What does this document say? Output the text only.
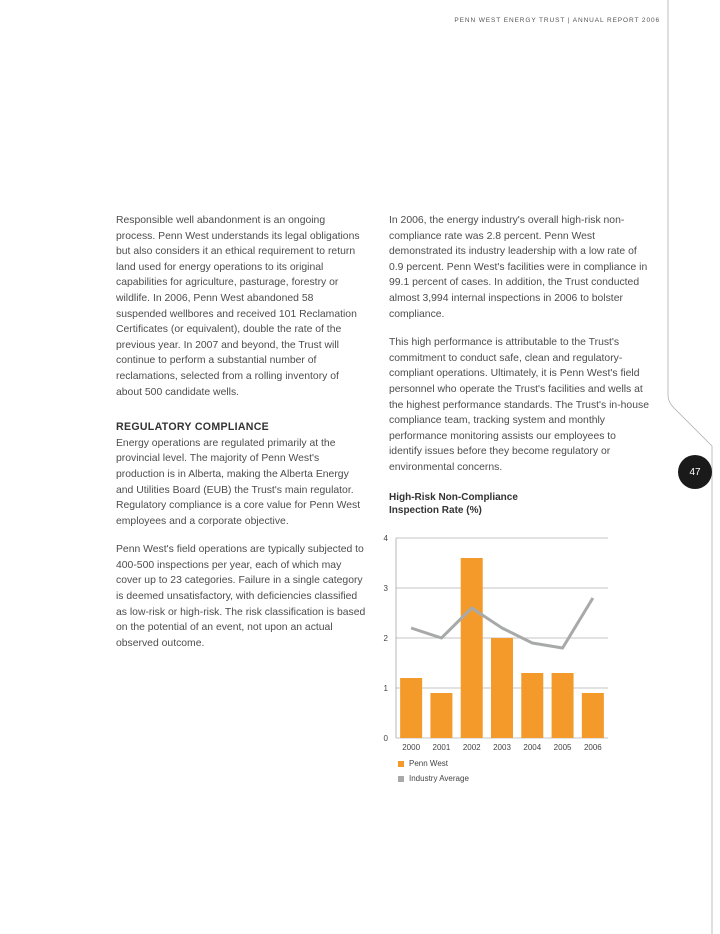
PENN WEST ENERGY TRUST | ANNUAL REPORT 2006
47

Responsible well abandonment is an ongoing process. Penn West understands its legal obligations but also considers it an ethical requirement to return land used for energy operations to its original capabilities for agriculture, pasturage, forestry or wildlife. In 2006, Penn West abandoned 58 suspended wellbores and received 101 Reclamation Certificates (or equivalent), double the rate of the previous year. In 2007 and beyond, the Trust will continue to perform a substantial number of reclamations, selected from a rolling inventory of about 500 candidate wells.

REGULATORY COMPLIANCE

Energy operations are regulated primarily at the provincial level. The majority of Penn West's production is in Alberta, making the Alberta Energy and Utilities Board (EUB) the Trust's main regulator. Regulatory compliance is a core value for Penn West employees and a corporate objective.

Penn West's field operations are typically subjected to 400-500 inspections per year, each of which may cover up to 23 categories. Failure in a single category is deemed unsatisfactory, with deficiencies classified as low-risk or high-risk. The risk classification is based on the potential of an event, not upon an actual observed outcome.

In 2006, the energy industry's overall high-risk non-compliance rate was 2.8 percent. Penn West demonstrated its industry leadership with a low rate of 0.9 percent. Penn West's facilities were in compliance in 99.1 percent of cases. In addition, the Trust conducted almost 3,994 internal inspections in 2006 to bolster compliance.

This high performance is attributable to the Trust's commitment to conduct safe, clean and regulatory-compliant operations. Ultimately, it is Penn West's field personnel who operate the Trust's facilities and wells at the highest performance standards. The Trust's in-house compliance team, tracking system and monthly performance monitoring assists our employees to identify issues before they become regulatory or environmental concerns.

High-Risk Non-Compliance
Inspection Rate (%)
0
1
2
3
4
2000 2001 2002 2003 2004 2005 2006
Penn West
Industry Average
